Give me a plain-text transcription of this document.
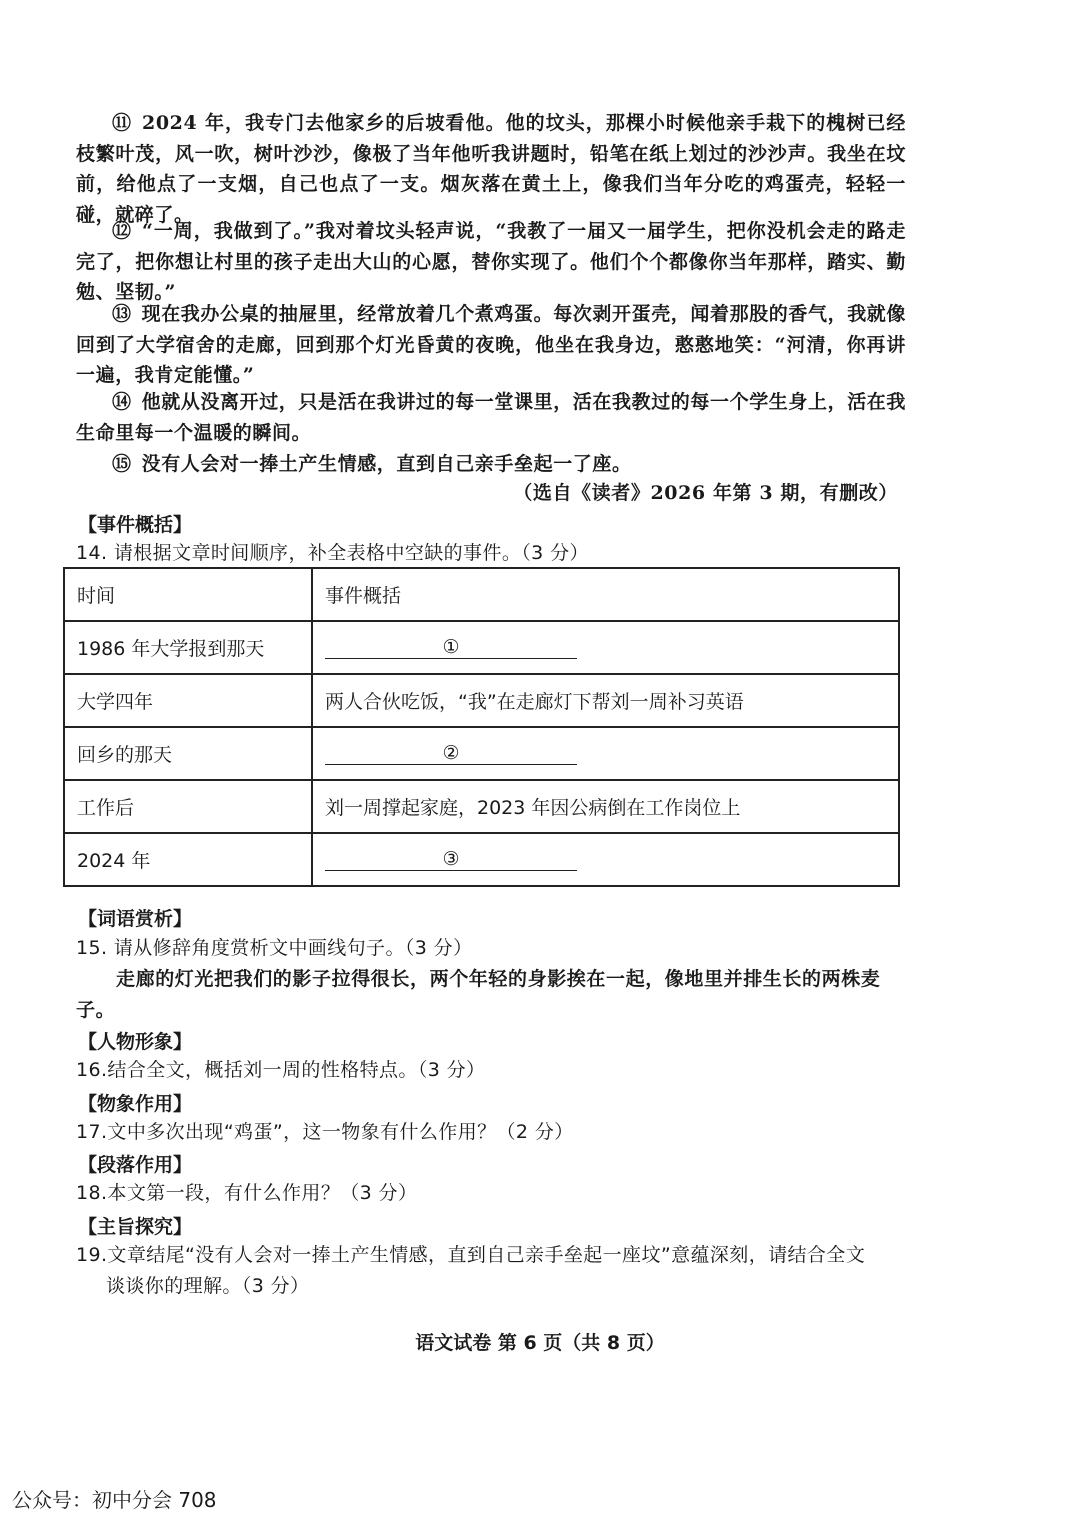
⑪ 2024 年，我专门去他家乡的后坡看他。他的坟头，那棵小时候他亲手栽下的槐树已经枝繁叶茂，风一吹，树叶沙沙，像极了当年他听我讲题时，铅笔在纸上划过的沙沙声。我坐在坟前，给他点了一支烟，自己也点了一支。烟灰落在黄土上，像我们当年分吃的鸡蛋壳，轻轻一碰，就碎了。
⑫ “一周，我做到了。”我对着坟头轻声说，“我教了一届又一届学生，把你没机会走的路走完了，把你想让村里的孩子走出大山的心愿，替你实现了。他们个个都像你当年那样，踏实、勤勉、坚韧。”
⑬ 现在我办公桌的抽屉里，经常放着几个煮鸡蛋。每次剥开蛋壳，闻着那股的香气，我就像回到了大学宿舍的走廊，回到那个灯光昏黄的夜晚，他坐在我身边，憨憨地笑：“河清，你再讲一遍，我肯定能懂。”
⑭ 他就从没离开过，只是活在我讲过的每一堂课里，活在我教过的每一个学生身上，活在我生命里每一个温暖的瞬间。
⑮ 没有人会对一捧土产生情感，直到自己亲手垒起一了座。
（选自《读者》2026 年第 3 期，有删改）
【事件概括】
14. 请根据文章时间顺序，补全表格中空缺的事件。（3 分）
时间	事件概括
1986 年大学报到那天	①
大学四年	两人合伙吃饭，“我”在走廊灯下帮刘一周补习英语
回乡的那天	②
工作后	刘一周撑起家庭，2023 年因公病倒在工作岗位上
2024 年	③
【词语赏析】
15. 请从修辞角度赏析文中画线句子。（3 分）
走廊的灯光把我们的影子拉得很长，两个年轻的身影挨在一起，像地里并排生长的两株麦子。
【人物形象】
16.结合全文，概括刘一周的性格特点。（3 分）
【物象作用】
17.文中多次出现“鸡蛋”，这一物象有什么作用？（2 分）
【段落作用】
18.本文第一段，有什么作用？（3 分）
【主旨探究】
19.文章结尾“没有人会对一捧土产生情感，直到自己亲手垒起一座坟”意蕴深刻，请结合全文
谈谈你的理解。（3 分）
语文试卷 第 6 页（共 8 页）
公众号：初中分会 708
